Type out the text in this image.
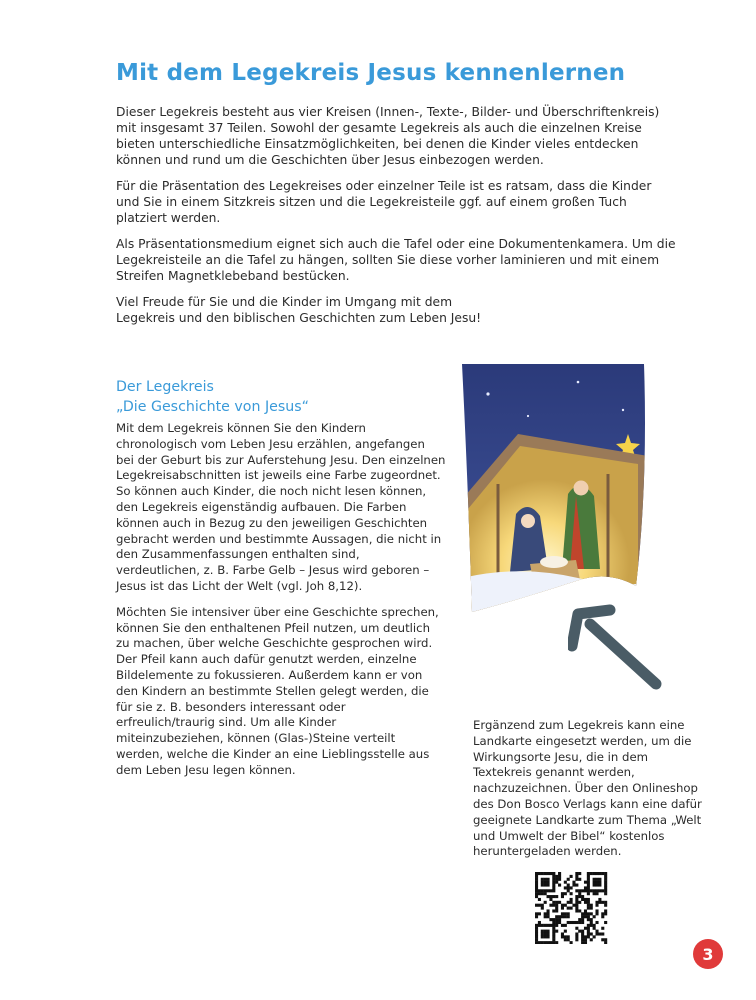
Mit dem Legekreis Jesus kennenlernen

Dieser Legekreis besteht aus vier Kreisen (Innen-, Texte-, Bilder- und Überschriftenkreis) mit insgesamt 37 Teilen. Sowohl der gesamte Legekreis als auch die einzelnen Kreise bieten unterschiedliche Einsatzmöglichkeiten, bei denen die Kinder vieles entdecken können und rund um die Geschichten über Jesus einbezogen werden.

Für die Präsentation des Legekreises oder einzelner Teile ist es ratsam, dass die Kinder und Sie in einem Sitzkreis sitzen und die Legekreisteile ggf. auf einem großen Tuch platziert werden.

Als Präsentationsmedium eignet sich auch die Tafel oder eine Dokumentenkamera. Um die Legekreisteile an die Tafel zu hängen, sollten Sie diese vorher laminieren und mit einem Streifen Magnetklebeband bestücken.

Viel Freude für Sie und die Kinder im Umgang mit dem Legekreis und den biblischen Geschichten zum Leben Jesu!

Der Legekreis
„Die Geschichte von Jesus“

Mit dem Legekreis können Sie den Kindern chronologisch vom Leben Jesu erzählen, angefangen bei der Geburt bis zur Auferstehung Jesu. Den einzelnen Legekreisabschnitten ist jeweils eine Farbe zugeordnet. So können auch Kinder, die noch nicht lesen können, den Legekreis eigenständig aufbauen. Die Farben können auch in Bezug zu den jeweiligen Geschichten gebracht werden und bestimmte Aussagen, die nicht in den Zusammenfassungen enthalten sind, verdeutlichen, z. B. Farbe Gelb – Jesus wird geboren – Jesus ist das Licht der Welt (vgl. Joh 8,12).

Möchten Sie intensiver über eine Geschichte sprechen, können Sie den enthaltenen Pfeil nutzen, um deutlich zu machen, über welche Geschichte gesprochen wird. Der Pfeil kann auch dafür genutzt werden, einzelne Bildelemente zu fokussieren. Außerdem kann er von den Kindern an bestimmte Stellen gelegt werden, die für sie z. B. besonders interessant oder erfreulich/traurig sind. Um alle Kinder miteinzubeziehen, können (Glas-)Steine verteilt werden, welche die Kinder an eine Lieblingsstelle aus dem Leben Jesu legen können.

Ergänzend zum Legekreis kann eine Landkarte eingesetzt werden, um die Wirkungsorte Jesu, die in dem Textekreis genannt werden, nachzuzeichnen. Über den Onlineshop des Don Bosco Verlags kann eine dafür geeignete Landkarte zum Thema „Welt und Umwelt der Bibel“ kostenlos heruntergeladen werden.

3
